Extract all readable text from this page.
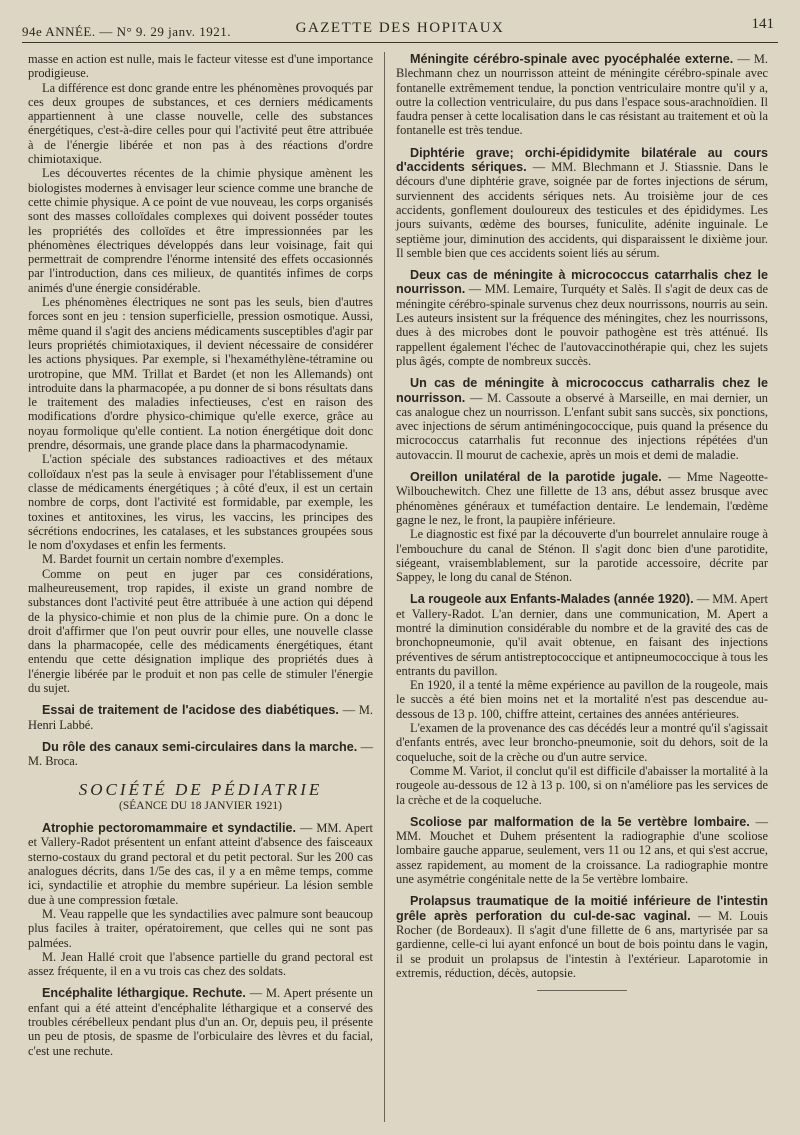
94e ANNÉE. — N° 9. 29 janv. 1921.	GAZETTE DES HOPITAUX	141

masse en action est nulle, mais le facteur vitesse est d'une importance prodigieuse.

La différence est donc grande entre les phénomènes provoqués par ces deux groupes de substances, et ces derniers médicaments appartiennent à une classe nouvelle, celle des substances énergétiques, c'est-à-dire celles pour qui l'activité peut être attribuée à de l'énergie libérée et non pas à des réactions d'ordre chimiotaxique.

Les découvertes récentes de la chimie physique amènent les biologistes modernes à envisager leur science comme une branche de cette chimie physique. A ce point de vue nouveau, les corps organisés sont des masses colloïdales complexes qui doivent posséder toutes les propriétés des colloïdes et être impressionnées par les phénomènes électriques développés dans leur voisinage, fait qui permettrait de comprendre l'énorme intensité des effets occasionnés par l'introduction, dans ces milieux, de quantités infimes de corps animés d'une énergie considérable.

Les phénomènes électriques ne sont pas les seuls, bien d'autres forces sont en jeu : tension superficielle, pression osmotique. Aussi, même quand il s'agit des anciens médicaments susceptibles d'agir par leurs propriétés chimiotaxiques, il devient nécessaire de considérer les actions physiques. Par exemple, si l'hexaméthylène-tétramine ou urotropine, que MM. Trillat et Bardet (et non les Allemands) ont introduite dans la pharmacopée, a pu donner de si bons résultats dans le traitement des maladies infectieuses, c'est en raison des modifications d'ordre physico-chimique qu'elle exerce, grâce au noyau formolique qu'elle contient. La notion énergétique doit donc prendre, désormais, une grande place dans la pharmacodynamie.

L'action spéciale des substances radioactives et des métaux colloïdaux n'est pas la seule à envisager pour l'établissement d'une classe de médicaments énergétiques ; à côté d'eux, il est un certain nombre de corps, dont l'activité est formidable, par exemple, les toxines et antitoxines, les virus, les vaccins, les principes des sécrétions endocrines, les catalases, et les substances groupées sous le nom d'oxydases et enfin les ferments.

M. Bardet fournit un certain nombre d'exemples.

Comme on peut en juger par ces considérations, malheureusement, trop rapides, il existe un grand nombre de substances dont l'activité peut être attribuée à une action qui dépend de la physico-chimie et non plus de la chimie pure. On a donc le droit d'affirmer que l'on peut ouvrir pour elles, une nouvelle classe dans la pharmacopée, celle des médicaments énergétiques, étant entendu que cette désignation implique des propriétés dues à l'énergie libérée par le produit et non pas celle de stimuler l'énergie du sujet.

Essai de traitement de l'acidose des diabétiques. — M. Henri Labbé.

Du rôle des canaux semi-circulaires dans la marche. — M. Broca.

SOCIÉTÉ DE PÉDIATRIE
(SÉANCE DU 18 JANVIER 1921)

Atrophie pectoromammaire et syndactilie. — MM. Apert et Vallery-Radot présentent un enfant atteint d'absence des faisceaux sterno-costaux du grand pectoral et du petit pectoral. Sur les 200 cas analogues décrits, dans 1/5e des cas, il y a en même temps, comme ici, syndactilie et atrophie du membre supérieur. La lésion semble due à une compression fœtale.

M. Veau rappelle que les syndactilies avec palmure sont beaucoup plus faciles à traiter, opératoirement, que celles qui ne sont pas palmées.

M. Jean Hallé croit que l'absence partielle du grand pectoral est assez fréquente, il en a vu trois cas chez des soldats.

Encéphalite léthargique. Rechute. — M. Apert présente un enfant qui a été atteint d'encéphalite léthargique et a conservé des troubles cérébelleux pendant plus d'un an. Or, depuis peu, il présente un peu de ptosis, de spasme de l'orbiculaire des lèvres et du facial, c'est une rechute.

Méningite cérébro-spinale avec pyocéphalée externe. — M. Blechmann chez un nourrisson atteint de méningite cérébro-spinale avec fontanelle extrêmement tendue, la ponction ventriculaire montre qu'il y a, outre la collection ventriculaire, du pus dans l'espace sous-arachnoïdien. Il faudra penser à cette localisation dans le cas résistant au traitement et où la fontanelle est très tendue.

Diphtérie grave; orchi-épididymite bilatérale au cours d'accidents sériques. — MM. Blechmann et J. Stiassnie. Dans le décours d'une diphtérie grave, soignée par de fortes injections de sérum, surviennent des accidents sériques nets. Au troisième jour de ces accidents, gonflement douloureux des testicules et des épididymes. Les jours suivants, œdème des bourses, funiculite, adénite inguinale. Le septième jour, diminution des accidents, qui disparaissent le dixième jour. Il semble bien que ces accidents soient liés au sérum.

Deux cas de méningite à micrococcus catarrhalis chez le nourrisson. — MM. Lemaire, Turquéty et Salès. Il s'agit de deux cas de méningite cérébro-spinale survenus chez deux nourrissons, nourris au sein. Les auteurs insistent sur la fréquence des méningites, chez les nourrissons, dues à des microbes dont le pouvoir pathogène est très atténué. Ils rappellent également l'échec de l'autovaccinothérapie qui, chez les sujets plus âgés, compte de nombreux succès.

Un cas de méningite à micrococcus catharralis chez le nourrisson. — M. Cassoute a observé à Marseille, en mai dernier, un cas analogue chez un nourrisson. L'enfant subit sans succès, six ponctions, avec injections de sérum antiméningococcique, puis quand la présence du micrococcus catarrhalis fut reconnue des injections répétées d'un autovaccin. Il mourut de cachexie, après un mois et demi de maladie.

Oreillon unilatéral de la parotide jugale. — Mme Nageotte-Wilbouchewitch. Chez une fillette de 13 ans, début assez brusque avec phénomènes généraux et tuméfaction dentaire. Le lendemain, l'œdème gagne le nez, le front, la paupière inférieure.

Le diagnostic est fixé par la découverte d'un bourrelet annulaire rouge à l'embouchure du canal de Sténon. Il s'agit donc bien d'une parotidite, siégeant, vraisemblablement, sur la parotide accessoire, décrite par Sappey, le long du canal de Sténon.

La rougeole aux Enfants-Malades (année 1920). — MM. Apert et Vallery-Radot. L'an dernier, dans une communication, M. Apert a montré la diminution considérable du nombre et de la gravité des cas de bronchopneumonie, qu'il avait obtenue, en faisant des injections préventives de sérum antistreptococcique et antipneumococcique à tous les entrants du pavillon.

En 1920, il a tenté la même expérience au pavillon de la rougeole, mais le succès a été bien moins net et la mortalité n'est pas descendue au-dessous de 13 p. 100, chiffre atteint, certaines des années antérieures.

L'examen de la provenance des cas décédés leur a montré qu'il s'agissait d'enfants entrés, avec leur broncho-pneumonie, soit du dehors, soit de la coqueluche, soit de la crèche ou d'un autre service.

Comme M. Variot, il conclut qu'il est difficile d'abaisser la mortalité à la rougeole au-dessous de 12 à 13 p. 100, si on n'améliore pas les services de la crèche et de la coqueluche.

Scoliose par malformation de la 5e vertèbre lombaire. — MM. Mouchet et Duhem présentent la radiographie d'une scoliose lombaire gauche apparue, seulement, vers 11 ou 12 ans, et qui s'est accrue, assez rapidement, au moment de la croissance. La radiographie montre une asymétrie congénitale nette de la 5e vertèbre lombaire.

Prolapsus traumatique de la moitié inférieure de l'intestin grêle après perforation du cul-de-sac vaginal. — M. Louis Rocher (de Bordeaux). Il s'agit d'une fillette de 6 ans, martyrisée par sa gardienne, celle-ci lui ayant enfoncé un bout de bois pointu dans le vagin, il se produit un prolapsus de l'intestin à l'extérieur. Laparotomie in extremis, réduction, décès, autopsie.
